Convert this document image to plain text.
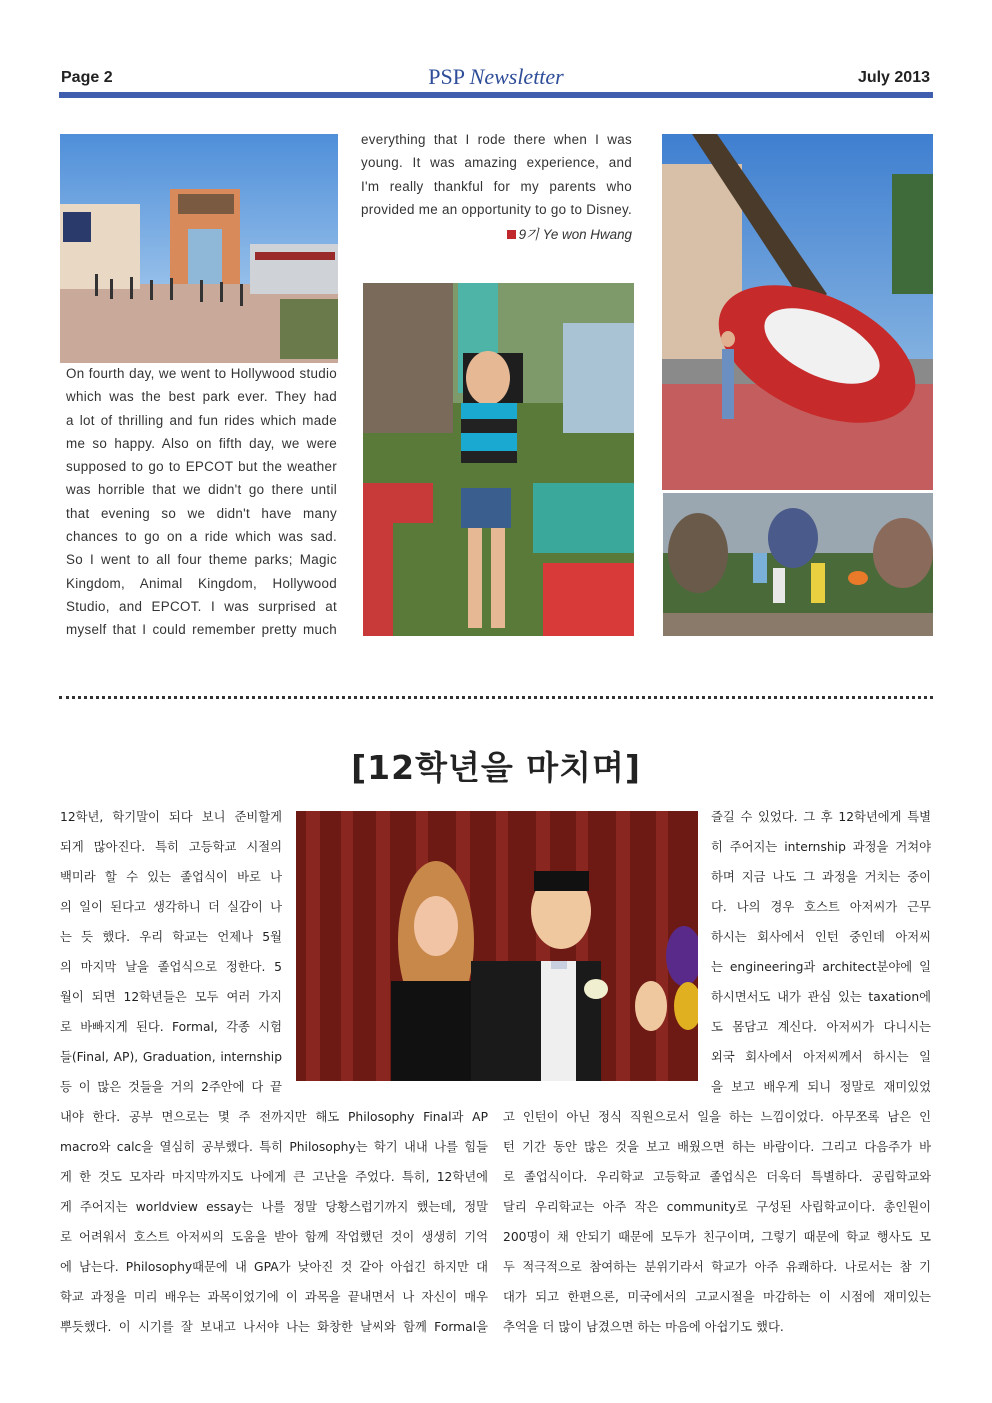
Page 2	PSP Newsletter	July 2013
On fourth day, we went to Hollywood studio
which was the best park ever. They had
a lot of thrilling and fun rides which made
me so happy. Also on fifth day, we were
supposed to go to EPCOT but the weather
was horrible that we didn't go there until
that evening so we didn't have many
chances to go on a ride which was sad.
So I went to all four theme parks; Magic
Kingdom, Animal Kingdom, Hollywood
Studio, and EPCOT. I was surprised at
myself that I could remember pretty much
everything that I rode there when I was
young. It was amazing experience, and
I'm really thankful for my parents who
provided me an opportunity to go to Disney.
9기 Ye won Hwang
[12학년을 마치며]
12학년, 학기말이 되다 보니 준비할게
되게 많아진다. 특히 고등학교 시절의
백미라 할 수 있는 졸업식이 바로 나
의 일이 된다고 생각하니 더 실감이 나
는 듯 했다. 우리 학교는 언제나 5월
의 마지막 날을 졸업식으로 정한다. 5
월이 되면 12학년들은 모두 여러 가지
로 바빠지게 된다. Formal, 각종 시험
들(Final, AP), Graduation, internship
등 이 많은 것들을 거의 2주안에 다 끝
즐길 수 있었다. 그 후 12학년에게 특별
히 주어지는 internship 과정을 거쳐야
하며 지금 나도 그 과정을 거치는 중이
다. 나의 경우 호스트 아저씨가 근무
하시는 회사에서 인턴 중인데 아저씨
는 engineering과 architect분야에 일
하시면서도 내가 관심 있는 taxation에
도 몸담고 계신다. 아저씨가 다니시는
외국 회사에서 아저씨께서 하시는 일
을 보고 배우게 되니 정말로 재미있었
내야 한다. 공부 면으로는 몇 주 전까지만 해도 Philosophy Final과 AP
macro와 calc을 열심히 공부했다. 특히 Philosophy는 학기 내내 나를 힘들
게 한 것도 모자라 마지막까지도 나에게 큰 고난을 주었다. 특히, 12학년에
게 주어지는 worldview essay는 나를 정말 당황스럽기까지 했는데, 정말
로 어려워서 호스트 아저씨의 도움을 받아 함께 작업했던 것이 생생히 기억
에 남는다. Philosophy때문에 내 GPA가 낮아진 것 같아 아쉽긴 하지만 대
학교 과정을 미리 배우는 과목이었기에 이 과목을 끝내면서 나 자신이 매우
뿌듯했다. 이 시기를 잘 보내고 나서야 나는 화창한 날씨와 함께 Formal을
고 인턴이 아닌 정식 직원으로서 일을 하는 느낌이었다. 아무쪼록 남은 인
턴 기간 동안 많은 것을 보고 배웠으면 하는 바람이다. 그리고 다음주가 바
로 졸업식이다. 우리학교 고등학교 졸업식은 더욱더 특별하다. 공립학교와
달리 우리학교는 아주 작은 community로 구성된 사립학교이다. 총인원이
200명이 채 안되기 때문에 모두가 친구이며, 그렇기 때문에 학교 행사도 모
두 적극적으로 참여하는 분위기라서 학교가 아주 유쾌하다. 나로서는 참 기
대가 되고 한편으론, 미국에서의 고교시절을 마감하는 이 시점에 재미있는
추억을 더 많이 남겼으면 하는 마음에 아쉽기도 했다.
